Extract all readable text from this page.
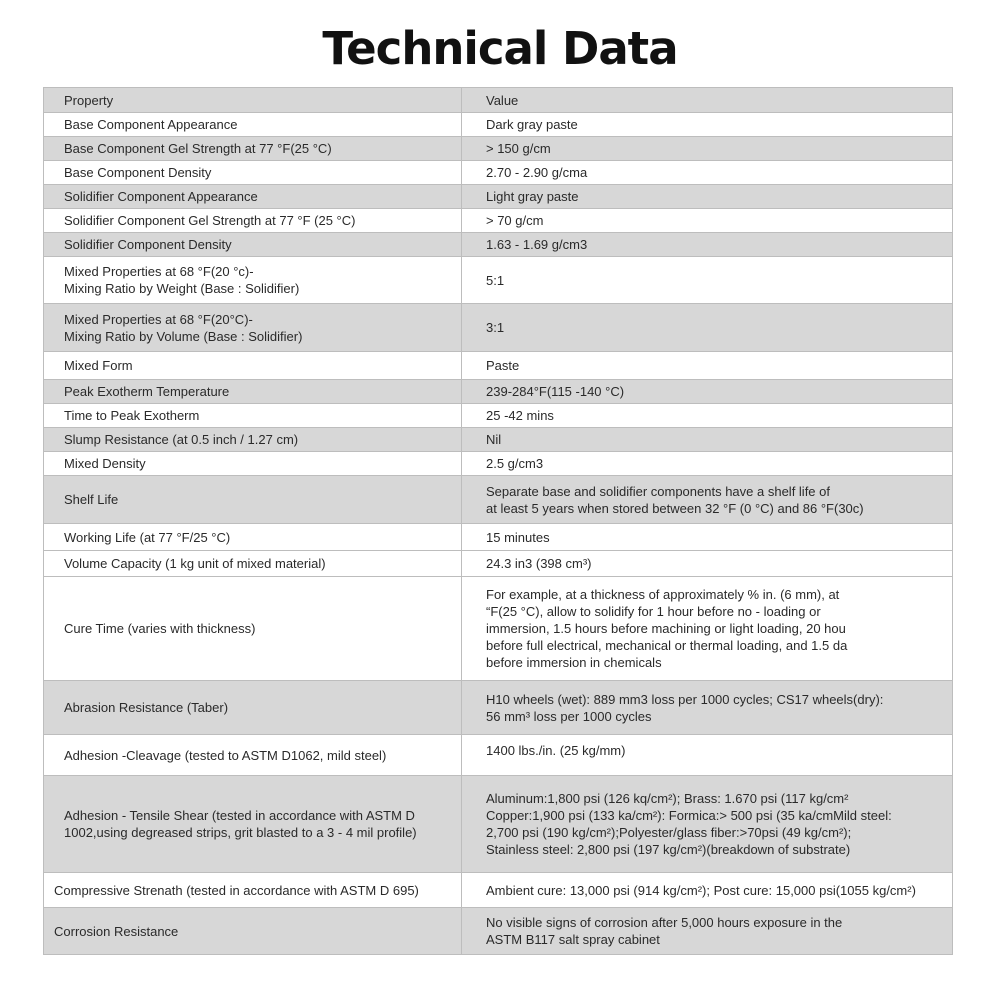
Technical Data
Property	Value
Base Component Appearance	Dark gray paste
Base Component Gel Strength at 77 °F(25 °C)	> 150 g/cm
Base Component Density	2.70 - 2.90 g/cma
Solidifier Component Appearance	Light gray paste
Solidifier Component Gel Strength at 77 °F (25 °C)	> 70 g/cm
Solidifier Component Density	1.63 - 1.69 g/cm3
Mixed Properties at 68 °F(20 °c)-
Mixing Ratio by Weight (Base : Solidifier)	5:1
Mixed Properties at 68 °F(20°C)-
Mixing Ratio by Volume (Base : Solidifier)	3:1
Mixed Form	Paste
Peak Exotherm Temperature	239-284°F(115 -140 °C)
Time to Peak Exotherm	25 -42 mins
Slump Resistance (at 0.5 inch / 1.27 cm)	Nil
Mixed Density	2.5 g/cm3
Shelf Life	Separate base and solidifier components have a shelf life of
at least 5 years when stored between 32 °F (0 °C) and 86 °F(30c)
Working Life (at 77 °F/25 °C)	15 minutes
Volume Capacity (1 kg unit of mixed material)	24.3 in3 (398 cm³)
Cure Time (varies with thickness)	For example, at a thickness of approximately % in. (6 mm), at
“F(25 °C), allow to solidify for 1 hour before no - loading or
immersion, 1.5 hours before machining or light loading, 20 hou
before full electrical, mechanical or thermal loading, and 1.5 da
before immersion in chemicals
Abrasion Resistance (Taber)	H10 wheels (wet): 889 mm3 loss per 1000 cycles; CS17 wheels(dry):
56 mm³ loss per 1000 cycles
Adhesion -Cleavage (tested to ASTM D1062, mild steel)	1400 lbs./in. (25 kg/mm)
Adhesion - Tensile Shear (tested in accordance with ASTM D
1002,using degreased strips, grit blasted to a 3 - 4 mil profile)	Aluminum:1,800 psi (126 kq/cm²); Brass: 1.670 psi (117 kg/cm²
Copper:1,900 psi (133 ka/cm²): Formica:> 500 psi (35 ka/cmMild steel:
2,700 psi (190 kg/cm²);Polyester/glass fiber:>70psi (49 kg/cm²);
Stainless steel: 2,800 psi (197 kg/cm²)(breakdown of substrate)
Compressive Strenath (tested in accordance with ASTM D 695)	Ambient cure: 13,000 psi (914 kg/cm²); Post cure: 15,000 psi(1055 kg/cm²)
Corrosion Resistance	No visible signs of corrosion after 5,000 hours exposure in the
ASTM B117 salt spray cabinet
